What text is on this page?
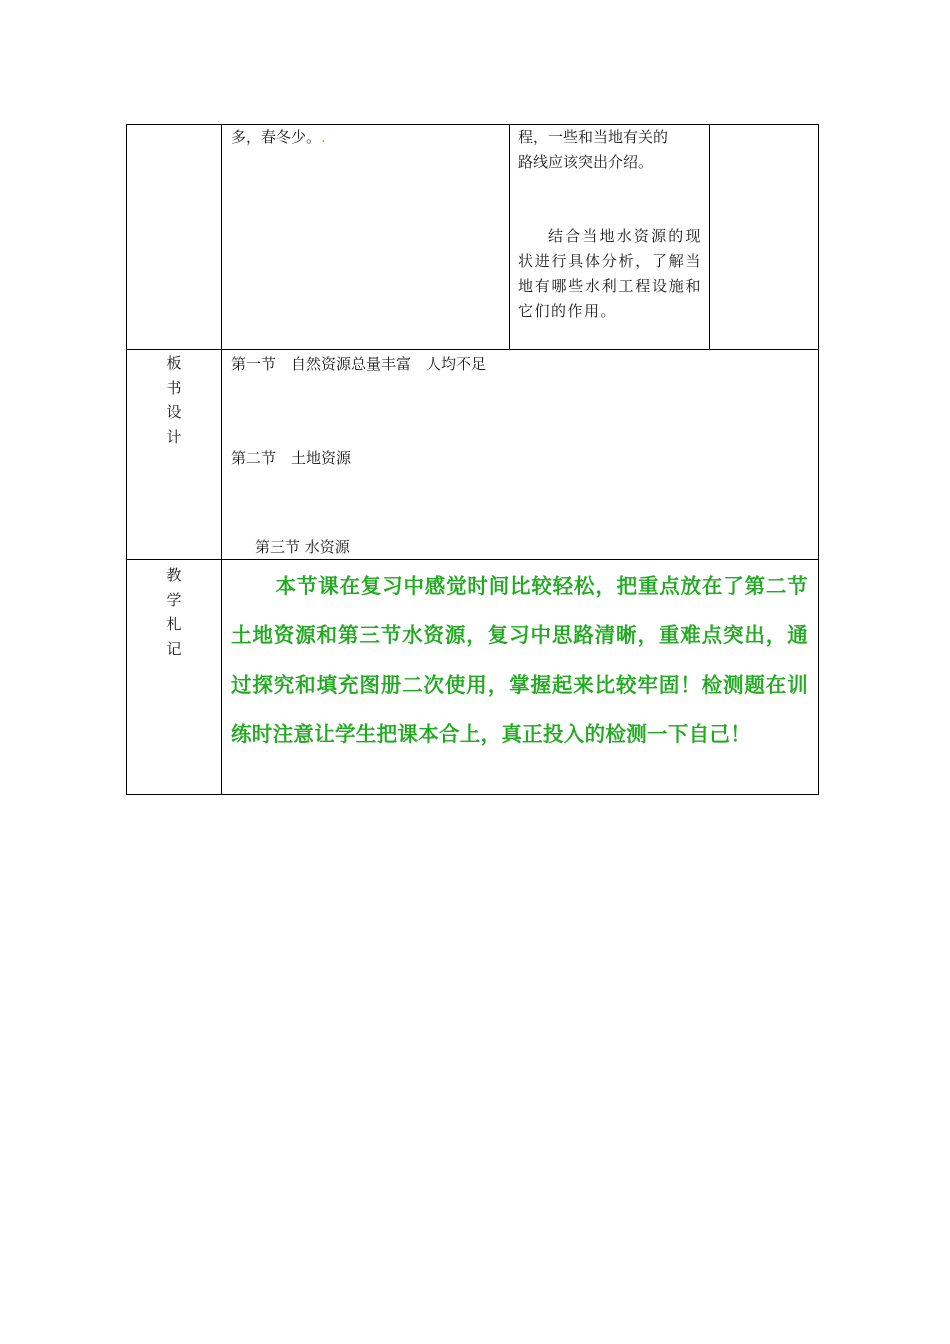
多，春冬少。.	程，一些和当地有关的
路线应该突出介绍。
结合当地水资源的现状进行具体分析，了解当地有哪些水利工程设施和它们的作用。
板书设计
第一节　自然资源总量丰富　人均不足
第二节　土地资源
第三节 水资源
教学札记
本节课在复习中感觉时间比较轻松，把重点放在了第二节土地资源和第三节水资源，复习中思路清晰，重难点突出，通过探究和填充图册二次使用，掌握起来比较牢固！检测题在训练时注意让学生把课本合上，真正投入的检测一下自己！
